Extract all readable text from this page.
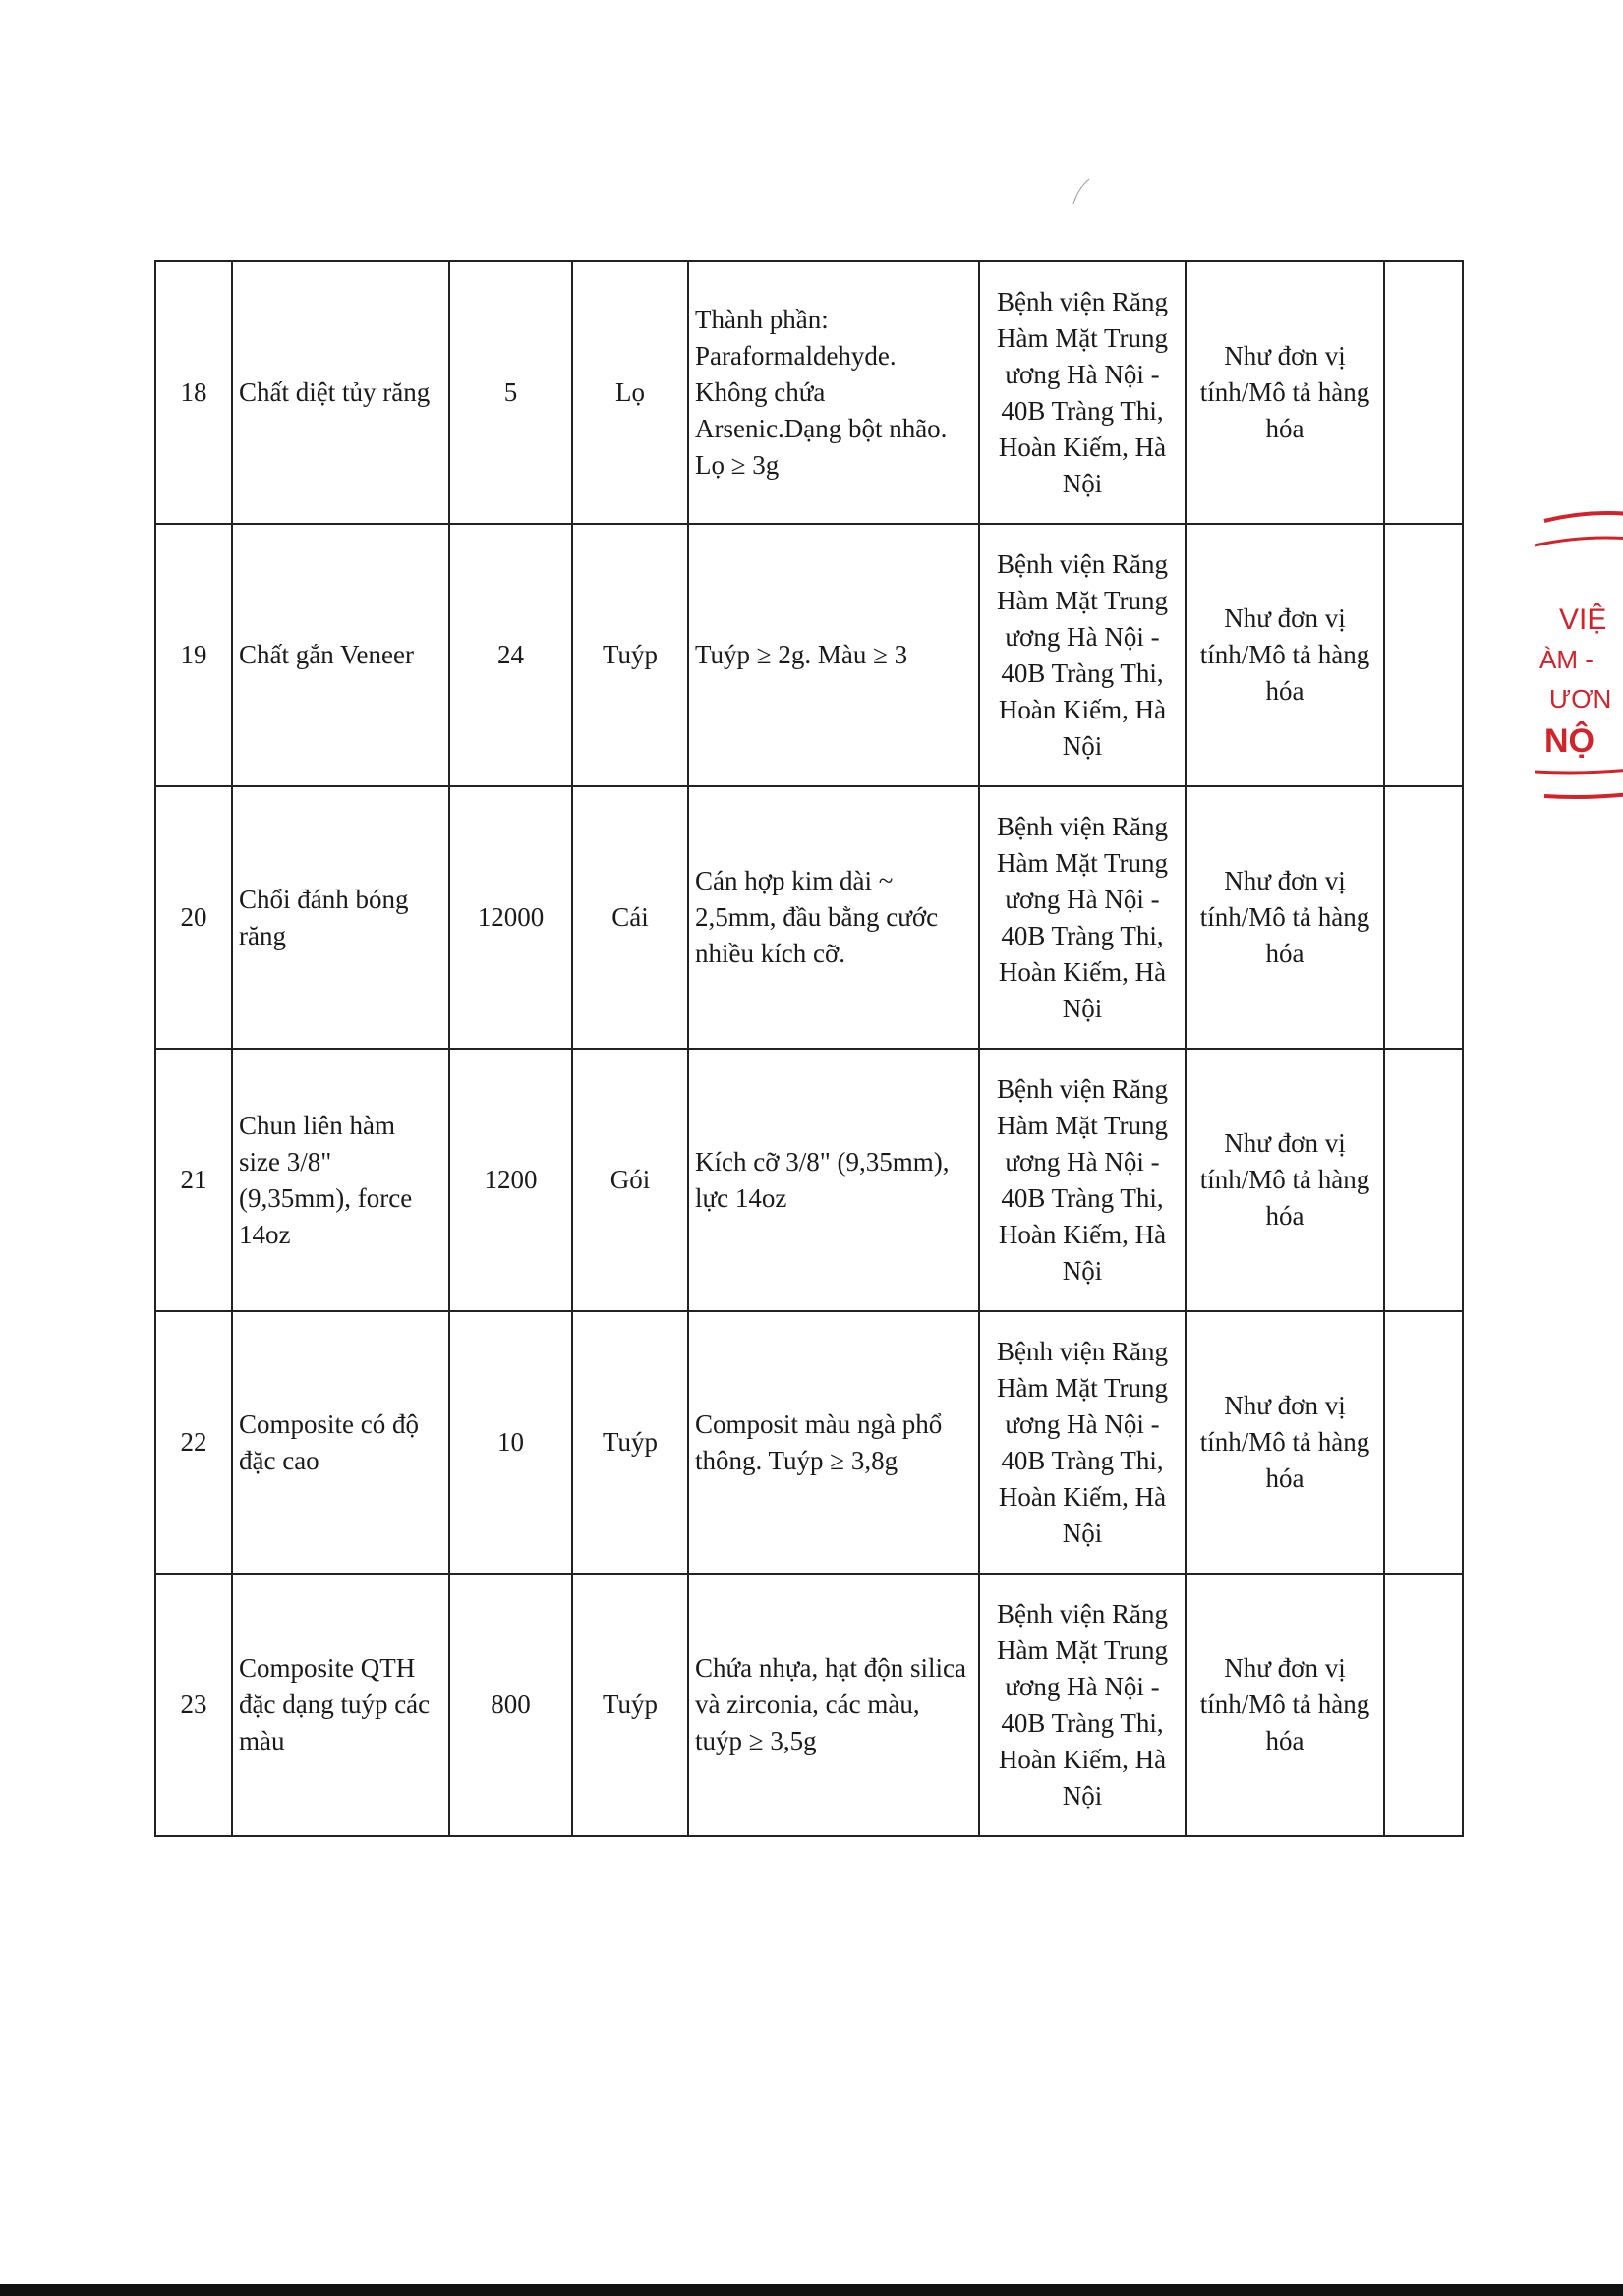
18	Chất diệt tủy răng	5	Lọ	Thành phần: Paraformaldehyde. Không chứa Arsenic.Dạng bột nhão. Lọ ≥ 3g	Bệnh viện Răng Hàm Mặt Trung ương Hà Nội - 40B Tràng Thi, Hoàn Kiếm, Hà Nội	Như đơn vị tính/Mô tả hàng hóa	
19	Chất gắn Veneer	24	Tuýp	Tuýp ≥ 2g. Màu ≥ 3	Bệnh viện Răng Hàm Mặt Trung ương Hà Nội - 40B Tràng Thi, Hoàn Kiếm, Hà Nội	Như đơn vị tính/Mô tả hàng hóa	
20	Chổi đánh bóng răng	12000	Cái	Cán hợp kim dài ~ 2,5mm, đầu bằng cước nhiều kích cỡ.	Bệnh viện Răng Hàm Mặt Trung ương Hà Nội - 40B Tràng Thi, Hoàn Kiếm, Hà Nội	Như đơn vị tính/Mô tả hàng hóa	
21	Chun liên hàm size 3/8" (9,35mm), force 14oz	1200	Gói	Kích cỡ 3/8" (9,35mm), lực 14oz	Bệnh viện Răng Hàm Mặt Trung ương Hà Nội - 40B Tràng Thi, Hoàn Kiếm, Hà Nội	Như đơn vị tính/Mô tả hàng hóa	
22	Composite có độ đặc cao	10	Tuýp	Composit màu ngà phổ thông. Tuýp ≥ 3,8g	Bệnh viện Răng Hàm Mặt Trung ương Hà Nội - 40B Tràng Thi, Hoàn Kiếm, Hà Nội	Như đơn vị tính/Mô tả hàng hóa	
23	Composite QTH đặc dạng tuýp các màu	800	Tuýp	Chứa nhựa, hạt độn silica và zirconia, các màu, tuýp ≥ 3,5g	Bệnh viện Răng Hàm Mặt Trung ương Hà Nội - 40B Tràng Thi, Hoàn Kiếm, Hà Nội	Như đơn vị tính/Mô tả hàng hóa	
VIỆ
ÀM -
ƯƠN
NỘ
